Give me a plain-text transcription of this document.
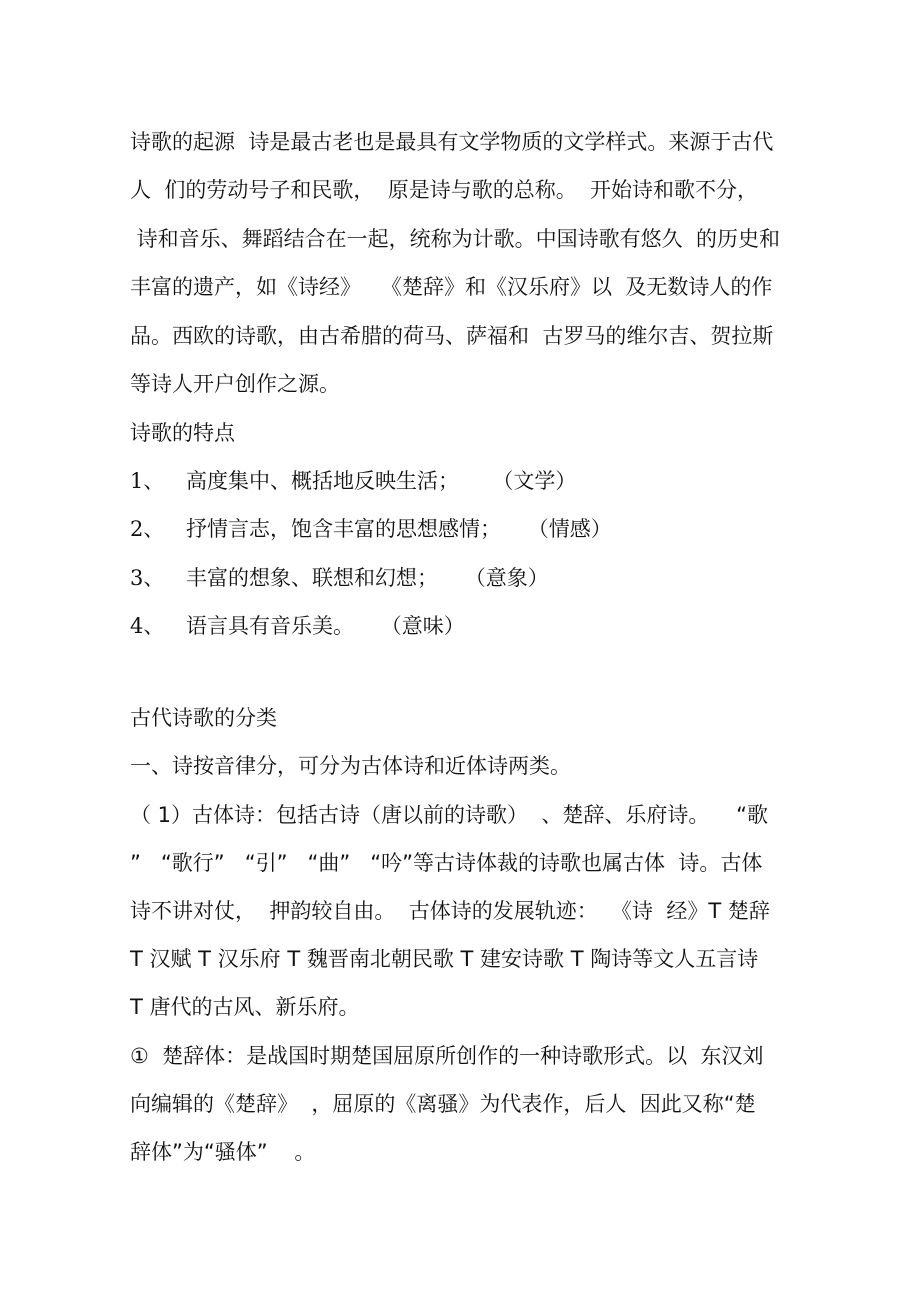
诗歌的起源  诗是最古老也是最具有文学物质的文学样式。来源于古代

人  们的劳动号子和民歌，  原是诗与歌的总称。  开始诗和歌不分，

诗和音乐、舞蹈结合在一起，统称为计歌。中国诗歌有悠久  的历史和

丰富的遗产，如《诗经》   《楚辞》和《汉乐府》以  及无数诗人的作

品。西欧的诗歌，由古希腊的荷马、萨福和  古罗马的维尔吉、贺拉斯

等诗人开户创作之源。

诗歌的特点

1、 高度集中、概括地反映生活；     （文学）

2、 抒情言志，饱含丰富的思想感情；    （情感）

3、 丰富的想象、联想和幻想；    （意象）

4、 语言具有音乐美。    （意味）

古代诗歌的分类

一、诗按音律分，可分为古体诗和近体诗两类。

（ 1）古体诗：包括古诗（唐以前的诗歌）  、楚辞、乐府诗。    “歌

”   “歌行”   “引”   “曲”   “吟”等古诗体裁的诗歌也属古体  诗。古体

诗不讲对仗，  押韵较自由。  古体诗的发展轨迹：  《诗  经》T 楚辞

T 汉赋 T 汉乐府 T 魏晋南北朝民歌 T 建安诗歌 T 陶诗等文人五言诗

T 唐代的古风、新乐府。

①  楚辞体：是战国时期楚国屈原所创作的一种诗歌形式。以  东汉刘

向编辑的《楚辞》  ，屈原的《离骚》为代表作，后人  因此又称“楚

辞体”为“骚体”    。
